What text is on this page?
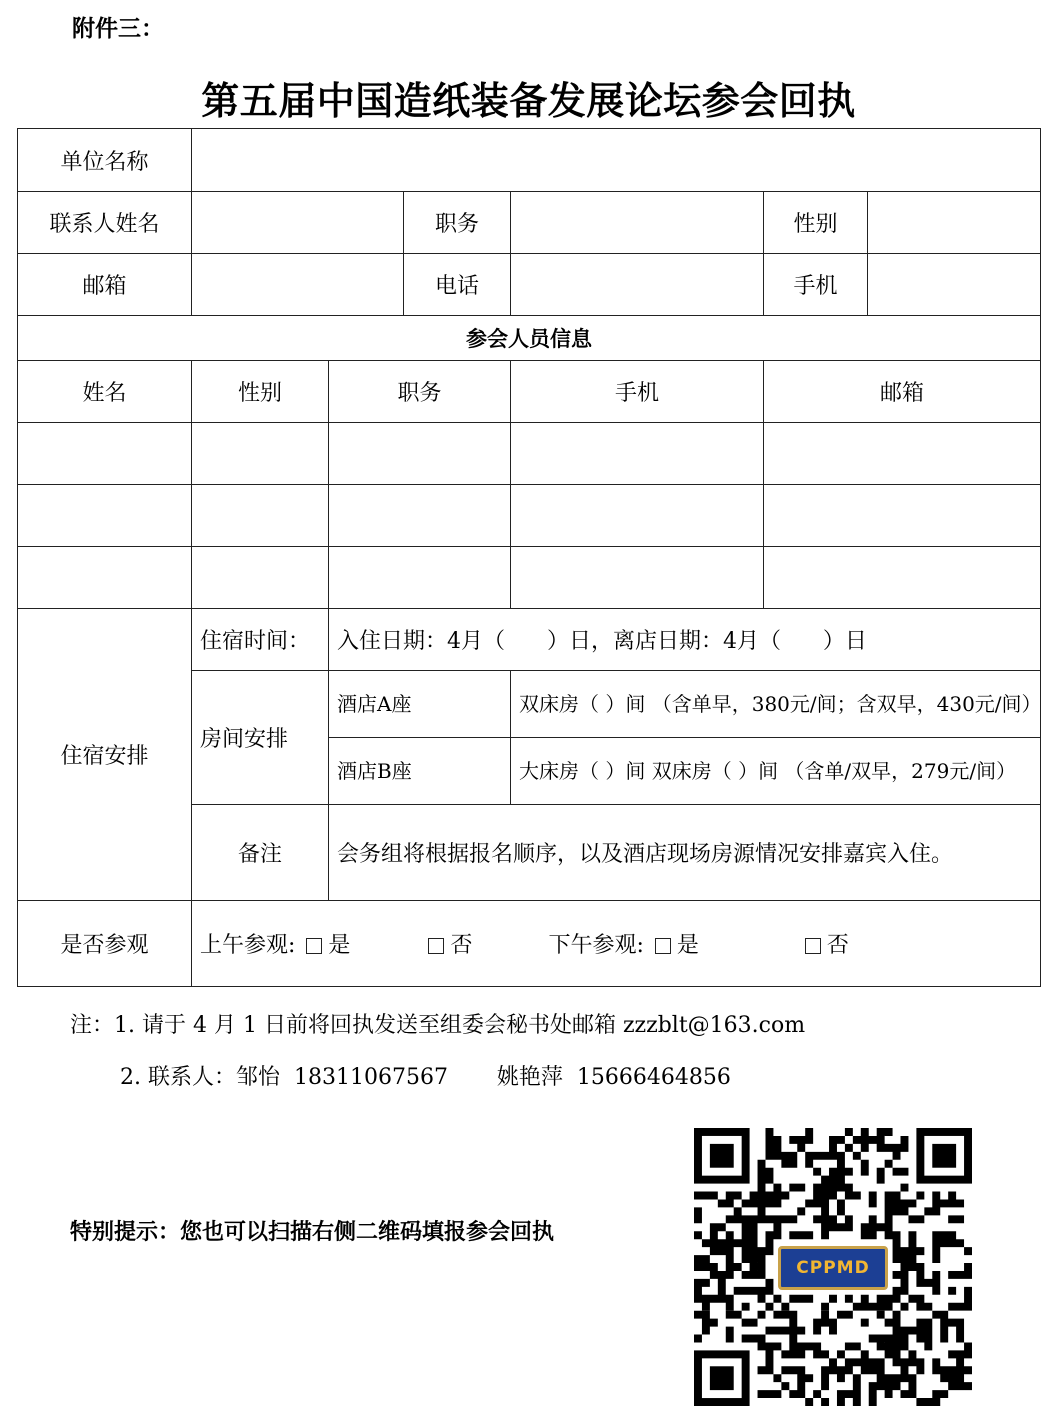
附件三：
第五届中国造纸装备发展论坛参会回执
单位名称						
联系人姓名			职务		性别	
邮箱			电话		手机	
参会人员信息						
姓名	性别	职务		手机	邮箱	

住宿安排	住宿时间：	入住日期：4月（      ）日，离店日期：4月（      ）日				
	房间安排	酒店A座		双床房（ ）间 （含单早，380元/间；含双早，430元/间）		
		酒店B座		大床房（ ）间 双床房（ ）间 （含单/双早，279元/间）		
	备注	会务组将根据报名顺序，以及酒店现场房源情况安排嘉宾入住。				
是否参观	上午参观: 是 否 下午参观: 是 否					
注：1. 请于 4 月 1 日前将回执发送至组委会秘书处邮箱 zzzblt@163.com
2. 联系人：邹怡  18311067567       姚艳萍  15666464856
特别提示：您也可以扫描右侧二维码填报参会回执
CPPMD
